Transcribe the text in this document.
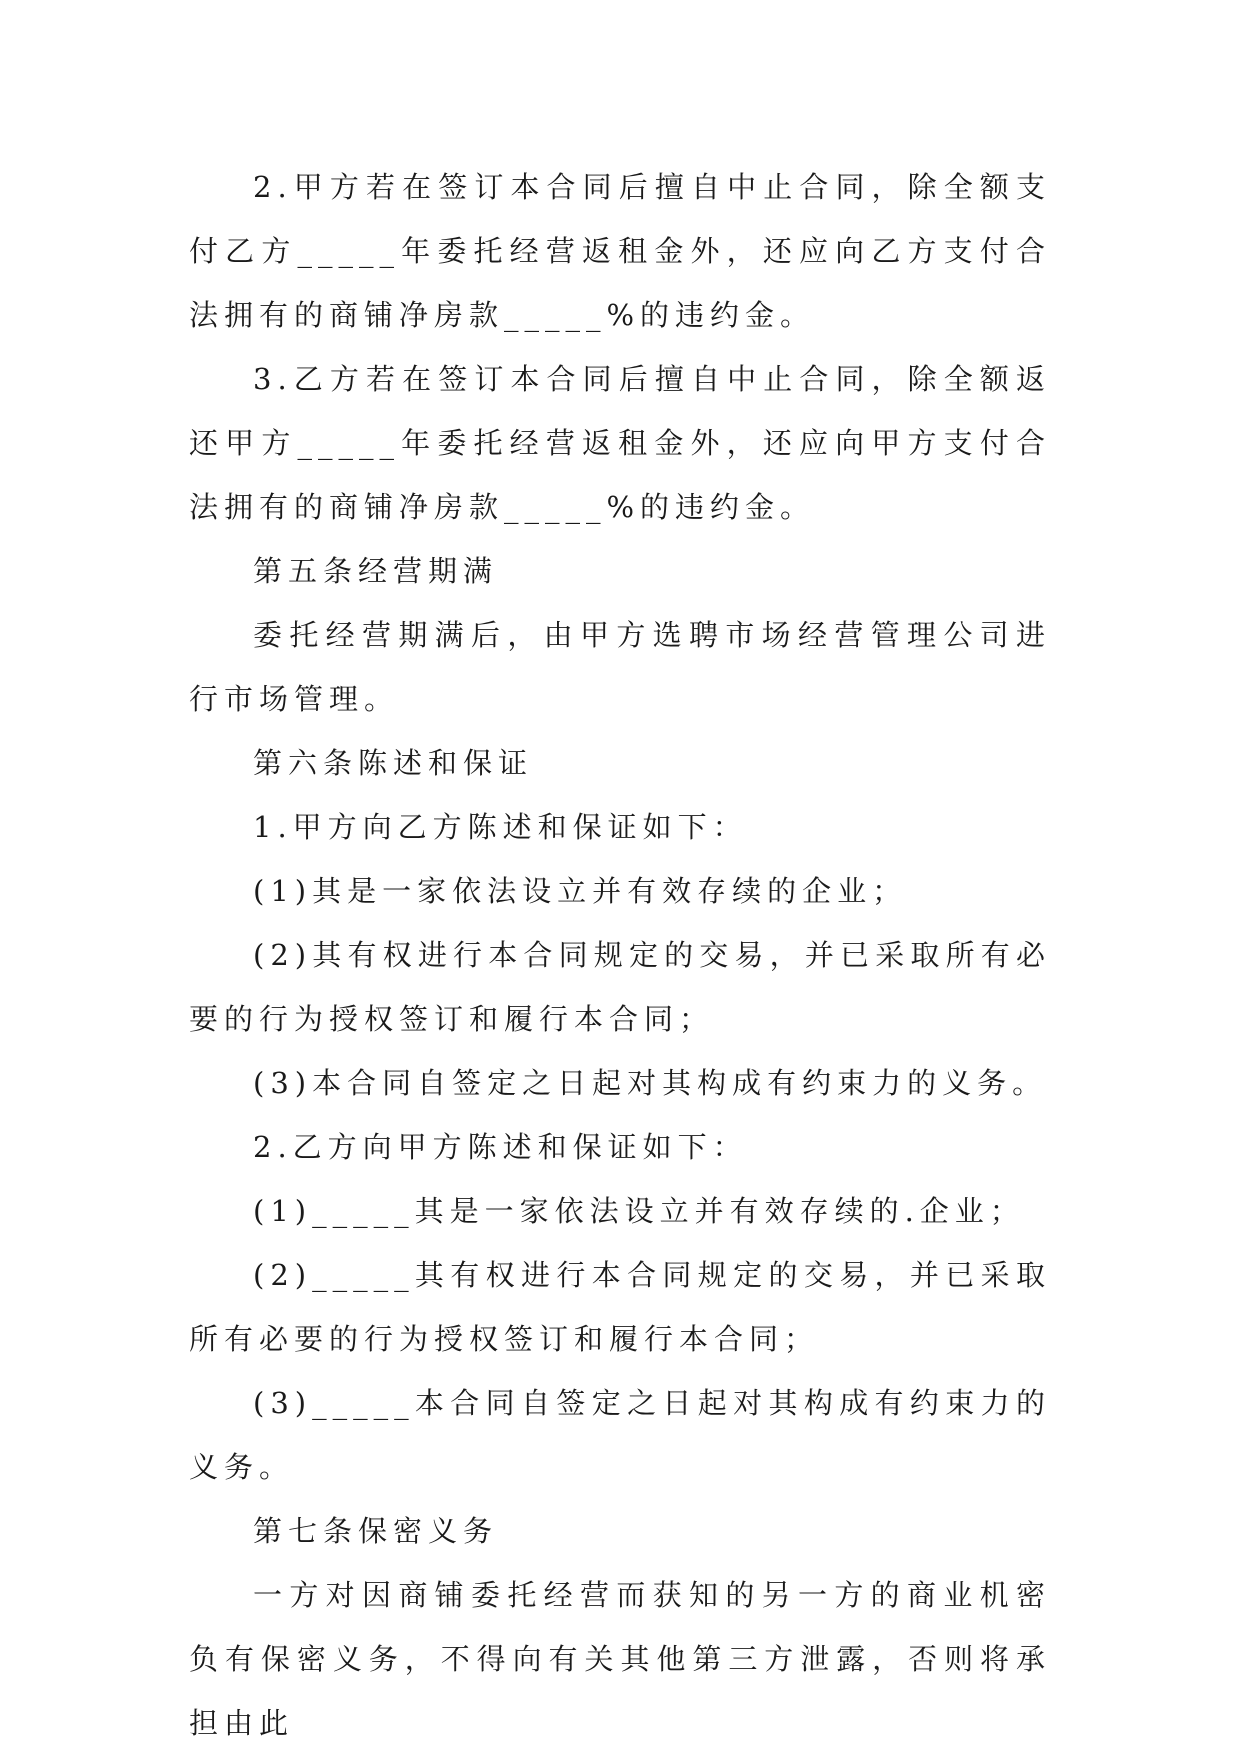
2.甲方若在签订本合同后擅自中止合同，除全额支付乙方_____年委托经营返租金外，还应向乙方支付合法拥有的商铺净房款_____%的违约金。

3.乙方若在签订本合同后擅自中止合同，除全额返还甲方_____年委托经营返租金外，还应向甲方支付合法拥有的商铺净房款_____%的违约金。

第五条经营期满

委托经营期满后，由甲方选聘市场经营管理公司进行市场管理。

第六条陈述和保证

1.甲方向乙方陈述和保证如下：

(1)其是一家依法设立并有效存续的企业；

(2)其有权进行本合同规定的交易，并已采取所有必要的行为授权签订和履行本合同；

(3)本合同自签定之日起对其构成有约束力的义务。

2.乙方向甲方陈述和保证如下：

(1)_____其是一家依法设立并有效存续的.企业；

(2)_____其有权进行本合同规定的交易，并已采取所有必要的行为授权签订和履行本合同；

(3)_____本合同自签定之日起对其构成有约束力的义务。

第七条保密义务

一方对因商铺委托经营而获知的另一方的商业机密负有保密义务，不得向有关其他第三方泄露，否则将承担由此
